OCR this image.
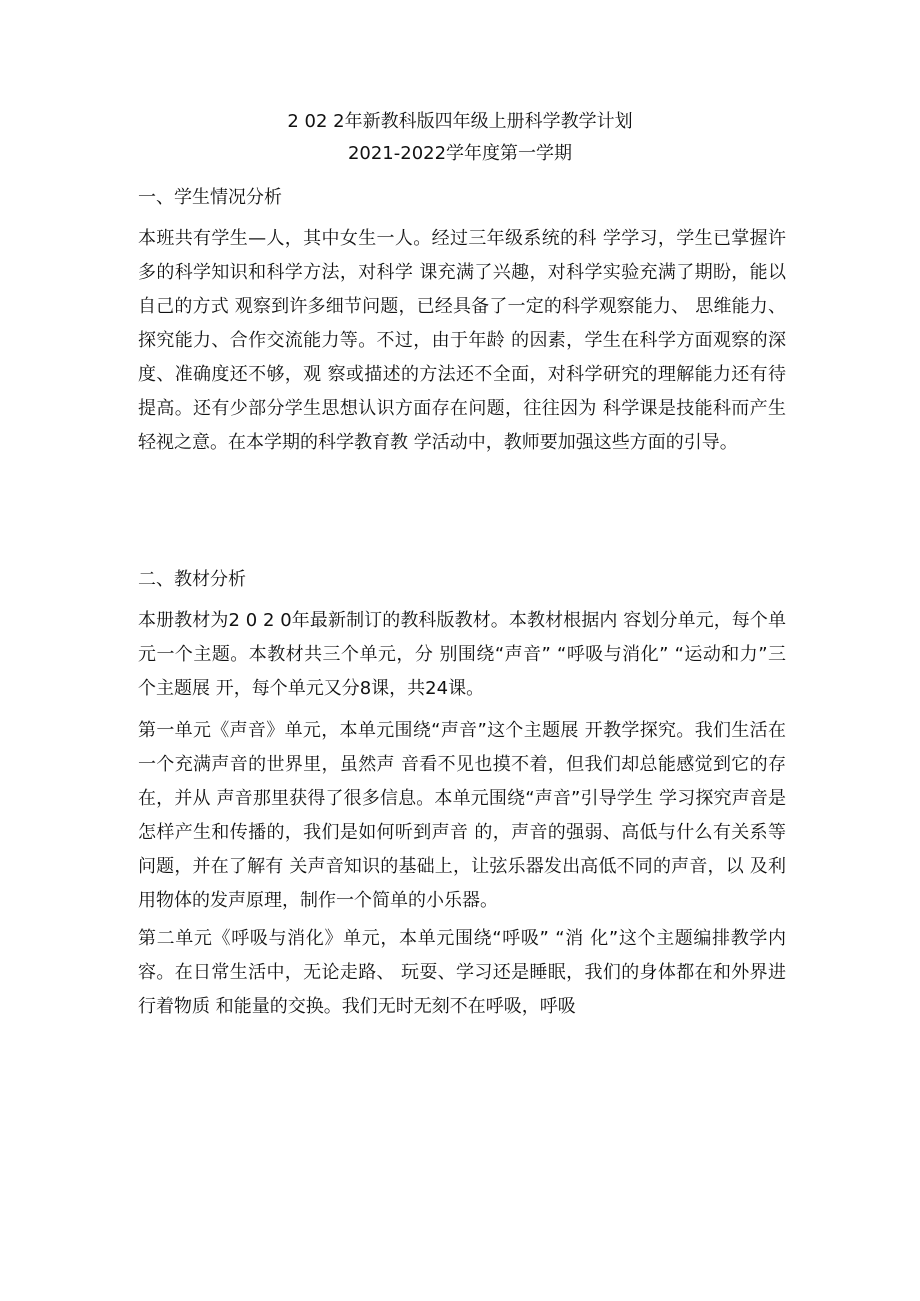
2 02 2年新教科版四年级上册科学教学计划
2021-2022学年度第一学期
一、学生情况分析

本班共有学生—人，其中女生一人。经过三年级系统的科 学学习，学生已掌握许多的科学知识和科学方法，对科学 课充满了兴趣，对科学实验充满了期盼，能以自己的方式 观察到许多细节问题，已经具备了一定的科学观察能力、 思维能力、探究能力、合作交流能力等。不过，由于年龄 的因素，学生在科学方面观察的深度、准确度还不够，观 察或描述的方法还不全面，对科学研究的理解能力还有待 提高。还有少部分学生思想认识方面存在问题，往往因为 科学课是技能科而产生轻视之意。在本学期的科学教育教 学活动中，教师要加强这些方面的引导。

二、教材分析

本册教材为2 0 2 0年最新制订的教科版教材。本教材根据内 容划分单元，每个单元一个主题。本教材共三个单元，分 别围绕“声音” “呼吸与消化” “运动和力”三个主题展 开，每个单元又分8课，共24课。

第一单元《声音》单元，本单元围绕“声音”这个主题展 开教学探究。我们生活在一个充满声音的世界里，虽然声 音看不见也摸不着，但我们却总能感觉到它的存在，并从 声音那里获得了很多信息。本单元围绕“声音”引导学生 学习探究声音是怎样产生和传播的，我们是如何听到声音 的，声音的强弱、高低与什么有关系等问题，并在了解有 关声音知识的基础上，让弦乐器发出高低不同的声音，以 及利用物体的发声原理，制作一个简单的小乐器。

第二单元《呼吸与消化》单元，本单元围绕“呼吸” “消 化”这个主题编排教学内容。在日常生活中，无论走路、 玩耍、学习还是睡眠，我们的身体都在和外界进行着物质 和能量的交换。我们无时无刻不在呼吸，呼吸
